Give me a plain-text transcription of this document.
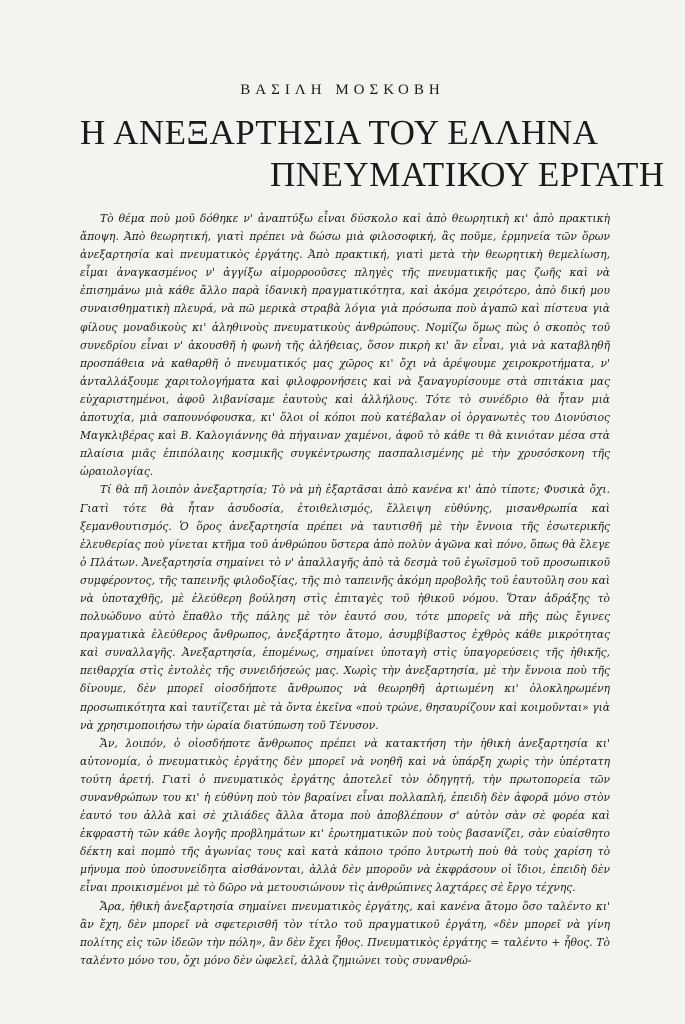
ΒΑΣΙΛΗ ΜΟΣΚΟΒΗ
Η ΑΝΕΞΑΡΤΗΣΙΑ ΤΟΥ ΕΛΛΗΝΑ
ΠΝΕΥΜΑΤΙΚΟΥ ΕΡΓΑΤΗ

Τὸ θέμα ποὺ μοῦ δόθηκε ν' ἀναπτύξω εἶναι δύσκολο καὶ ἀπὸ θεωρητικὴ κι' ἀπὸ πρακτικὴ ἄποψη. Ἀπὸ θεωρητική, γιατὶ πρέπει νὰ δώσω μιὰ φιλοσοφική, ἂς ποῦμε, ἑρμηνεία τῶν ὅρων ἀνεξαρτησία καὶ πνευματικὸς ἐργάτης. Ἀπὸ πρακτική, γιατὶ μετὰ τὴν θεωρητικὴ θεμελίωση, εἶμαι ἀναγκασμένος ν' ἀγγίξω αἱμορροοῦσες πληγὲς τῆς πνευματικῆς μας ζωῆς καὶ νὰ ἐπισημάνω μιὰ κάθε ἄλλο παρὰ ἰδανικὴ πραγματικότητα, καὶ ἀκόμα χειρότερο, ἀπὸ δική μου συναισθηματικὴ πλευρά, νὰ πῶ μερικὰ στραβὰ λόγια γιὰ πρόσωπα ποὺ ἀγαπῶ καὶ πίστευα γιὰ φίλους μοναδικοὺς κι' ἀληθινοὺς πνευματικοὺς ἀνθρώπους. Νομίζω ὅμως πὼς ὁ σκοπὸς τοῦ συνεδρίου εἶναι ν' ἀκουσθῆ ἡ φωνὴ τῆς ἀλήθειας, ὅσον πικρὴ κι' ἂν εἶναι, γιὰ νὰ καταβληθῆ προσπάθεια νὰ καθαρθῆ ὁ πνευματικός μας χῶρος κι' ὄχι νὰ ἀρέψουμε χειροκροτήματα, ν' ἀνταλλάξουμε χαριτολογήματα καὶ φιλοφρονήσεις καὶ νὰ ξαναγυρίσουμε στὰ σπιτάκια μας εὐχαριστημένοι, ἀφοῦ λιβανίσαμε ἑαυτοὺς καὶ ἀλλήλους. Τότε τὸ συνέδριο θὰ ἦταν μιὰ ἀποτυχία, μιὰ σαπουνόφουσκα, κι' ὅλοι οἱ κόποι ποὺ κατέβαλαν οἱ ὀργανωτὲς του Διονύσιος Μαγκλιβέρας καὶ Β. Καλογιάννης θὰ πήγαιναν χαμένοι, ἀφοῦ τὸ κάθε τι θὰ κινιόταν μέσα στὰ πλαίσια μιᾶς ἐπιπόλαιης κοσμικῆς συγκέντρωσης πασπαλισμένης μὲ τὴν χρυσόσκονη τῆς ὡραιολογίας.

Τί θὰ πῆ λοιπὸν ἀνεξαρτησία; Τὸ νὰ μὴ ἐξαρτᾶσαι ἀπὸ κανένα κι' ἀπὸ τίποτε; Φυσικὰ ὄχι. Γιατὶ τότε θὰ ἦταν ἀσυδοσία, ἐτοιθελισμός, ἔλλειψη εὐθύνης, μισανθρωπία καὶ ξεμανθουτισμός. Ὁ ὅρος ἀνεξαρτησία πρέπει νὰ ταυτισθῆ μὲ τὴν ἔννοια τῆς ἐσωτερικῆς ἐλευθερίας ποὺ γίνεται κτῆμα τοῦ ἀνθρώπου ὕστερα ἀπὸ πολὺν ἀγῶνα καὶ πόνο, ὅπως θὰ ἔλεγε ὁ Πλάτων. Ἀνεξαρτησία σημαίνει τὸ ν' ἀπαλλαγῆς ἀπὸ τὰ δεσμὰ τοῦ ἐγωϊσμοῦ τοῦ προσωπικοῦ συμφέροντος, τῆς ταπεινῆς φιλοδοξίας, τῆς πιὸ ταπεινῆς ἀκόμη προβολῆς τοῦ ἑαυτοῦλη σου καὶ νὰ ὑποταχθῆς, μὲ ἐλεύθερη βούληση στὶς ἐπιταγὲς τοῦ ἠθικοῦ νόμου. Ὅταν ἀδράξης τὸ πολυώδυνο αὐτὸ ἔπαθλο τῆς πάλης μὲ τὸν ἑαυτό σου, τότε μπορεῖς νὰ πῆς πὼς ἔγινες πραγματικὰ ἐλεύθερος ἄνθρωπος, ἀνεξάρτητο ἄτομο, ἀσυμβίβαστος ἐχθρὸς κάθε μικρότητας καὶ συναλλαγῆς. Ἀνεξαρτησία, ἑπομένως, σημαίνει ὑποταγὴ στὶς ὑπαγορεύσεις τῆς ἠθικῆς, πειθαρχία στὶς ἐντολὲς τῆς συνειδήσεώς μας. Χωρὶς τὴν ἀνεξαρτησία, μὲ τὴν ἔννοια ποὺ τῆς δίνουμε, δὲν μπορεῖ οἱοσδήποτε ἄνθρωπος νὰ θεωρηθῆ ἀρτιωμένη κι' ὁλοκληρωμένη προσωπικότητα καὶ ταυτίζεται μὲ τὰ ὄντα ἐκεῖνα «ποὺ τρώνε, θησαυρίζουν καὶ κοιμοῦνται» γιὰ νὰ χρησιμοποιήσω τὴν ὡραία διατύπωση τοῦ Τένυσον.

Ἄν, λοιπόν, ὁ οἱοσδήποτε ἄνθρωπος πρέπει νὰ κατακτήση τὴν ἠθικὴ ἀνεξαρτησία κι' αὐτονομία, ὁ πνευματικὸς ἐργάτης δὲν μπορεῖ νὰ νοηθῆ καὶ νὰ ὑπάρξη χωρὶς τὴν ὑπέρτατη τούτη ἀρετή. Γιατὶ ὁ πνευματικὸς ἐργάτης ἀποτελεῖ τὸν ὁδηγητή, τὴν πρωτοπορεία τῶν συνανθρώπων του κι' ἡ εὐθύνη ποὺ τὸν βαραίνει εἶναι πολλαπλή, ἐπειδὴ δὲν ἀφορᾶ μόνο στὸν ἑαυτό του ἀλλὰ καὶ σὲ χιλιάδες ἄλλα ἄτομα ποὺ ἀποβλέπουν σ' αὐτὸν σὰν σὲ φορέα καὶ ἐκφραστὴ τῶν κάθε λογῆς προβλημάτων κι' ἐρωτηματικῶν ποὺ τοὺς βασανίζει, σὰν εὐαίσθητο δέκτη καὶ πομπὸ τῆς ἀγωνίας τους καὶ κατὰ κάποιο τρόπο λυτρωτὴ ποὺ θὰ τοὺς χαρίση τὸ μήνυμα ποὺ ὑποσυνείδητα αἰσθάνονται, ἀλλὰ δὲν μποροῦν νὰ ἐκφράσουν οἱ ἴδιοι, ἐπειδὴ δὲν εἶναι προικισμένοι μὲ τὸ δῶρο νὰ μετουσιώνουν τὶς ἀνθρώπινες λαχτάρες σὲ ἔργο τέχνης.

Ἄρα, ἠθικὴ ἀνεξαρτησία σημαίνει πνευματικὸς ἐργάτης, καὶ κανένα ἄτομο ὅσο ταλέντο κι' ἂν ἔχη, δὲν μπορεῖ νὰ σφετερισθῆ τὸν τίτλο τοῦ πραγματικοῦ ἐργάτη, «δὲν μπορεῖ νὰ γίνη πολίτης εἰς τῶν ἰδεῶν τὴν πόλη», ἂν δὲν ἔχει ἦθος. Πνευματικὸς ἐργάτης = ταλέντο + ἦθος. Τὸ ταλέντο μόνο του, ὄχι μόνο δὲν ὠφελεῖ, ἀλλὰ ζημιώνει τοὺς συνανθρώ-
